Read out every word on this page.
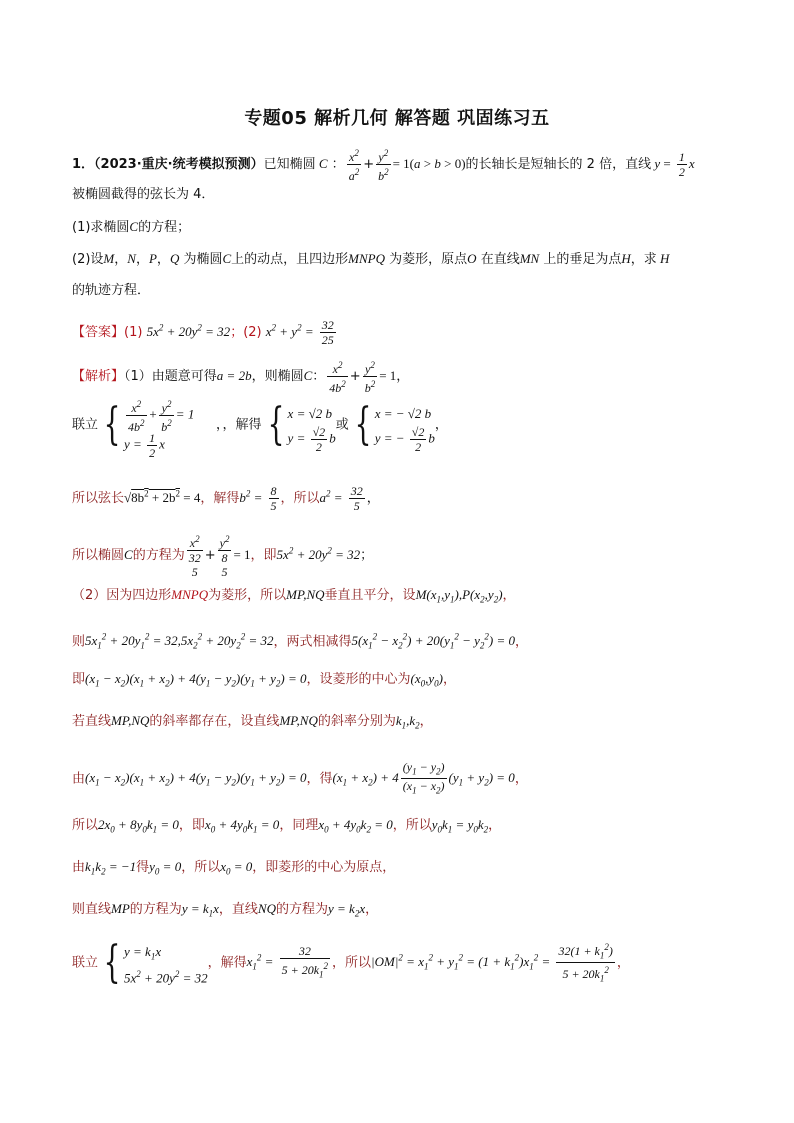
专题05 解析几何 解答题 巩固练习五
1．（2023·重庆·统考模拟预测）已知椭圆 C ： $\frac{x^2}{a^2} + \frac{y^2}{b^2} = 1(a > b > 0)$的长轴长是短轴长的 2 倍，直线 $y = \frac{1}{2}$ x
被椭圆截得的弦长为 4．
(1)求椭圆C的方程；
(2)设M，N，P，Q 为椭圆C上的动点，且四边形MNPQ 为菱形，原点O 在直线MN 上的垂足为点H，求 H
的轨迹方程．
【答案】(1) $5x^2 + 20y^2 = 32$；(2) $x^2 + y^2 = \frac{32}{25}$
【解析】（1）由题意可得a = 2b，则椭圆C： $\frac{x^2}{4b^2} + \frac{y^2}{b^2} = 1$，
联立 { $\frac{x^2}{4b^2} + \frac{y^2}{b^2} = 1$
$y = \frac{1}{2}$ x
，，解得 { x = √2 b
$y = \frac{√2}{2}$ b
或 { x = − √2 b
y = − $\frac{√2}{2}$ b
，
所以弦长$√8b^2 + 2b^2 = 4$，解得$b^2 = \frac{8}{5}$ ，所以$a^2 = \frac{32}{5}$ ，
所以椭圆C的方程为
$x^2$
32
5
+
$y^2$
8
5
= 1，即$5x^2 + 20y^2 = 32$；
（2）因为四边形MNPQ为菱形，所以MP,NQ垂直且平分，设$M(x_1,y_1),P(x_2,y_2)$，
则$5x_1^2 + 20y_1^2 = 32,5x_2^2 + 20y_2^2 = 32$，两式相减得$5(x_1^2 - x_2^2) + 20(y_1^2 - y_2^2) = 0$，
即$(x_1 - x_2)(x_1 + x_2) + 4(y_1 - y_2)(y_1 + y_2) = 0$，设菱形的中心为$(x_0,y_0)$，
若直线MP,NQ的斜率都存在，设直线MP,NQ的斜率分别为$k_1,k_2$，
由$(x_1 - x_2)(x_1 + x_2) + 4(y_1 - y_2)(y_1 + y_2) = 0$，得$(x_1 + x_2) + 4 \frac{(y_1 - y_2)}{(x_1 - x_2)} (y_1 + y_2) = 0$，
所以$2x_0 + 8y_0k_1 = 0$，即$x_0 + 4y_0k_1 = 0$，同理$x_0 + 4y_0k_2 = 0$，所以$y_0k_1 = y_0k_2$，
由$k_1k_2 = -1$得$y_0 = 0$，所以$x_0 = 0$，即菱形的中心为原点，
则直线MP的方程为$y = k_1x$，直线NQ的方程为$y = k_2x$，
联立 { $y = k_1x$
$5x^2 + 20y^2 = 32$
，解得$x_1^2 = \frac{32}{5 + 20k_1^2}$ ，所以$|OM|^2 = x_1^2 + y_1^2 = (1 + k_1^2)x_1^2 = \frac{32(1 + k_1^2)}{5 + 20k_1^2}$ ，
